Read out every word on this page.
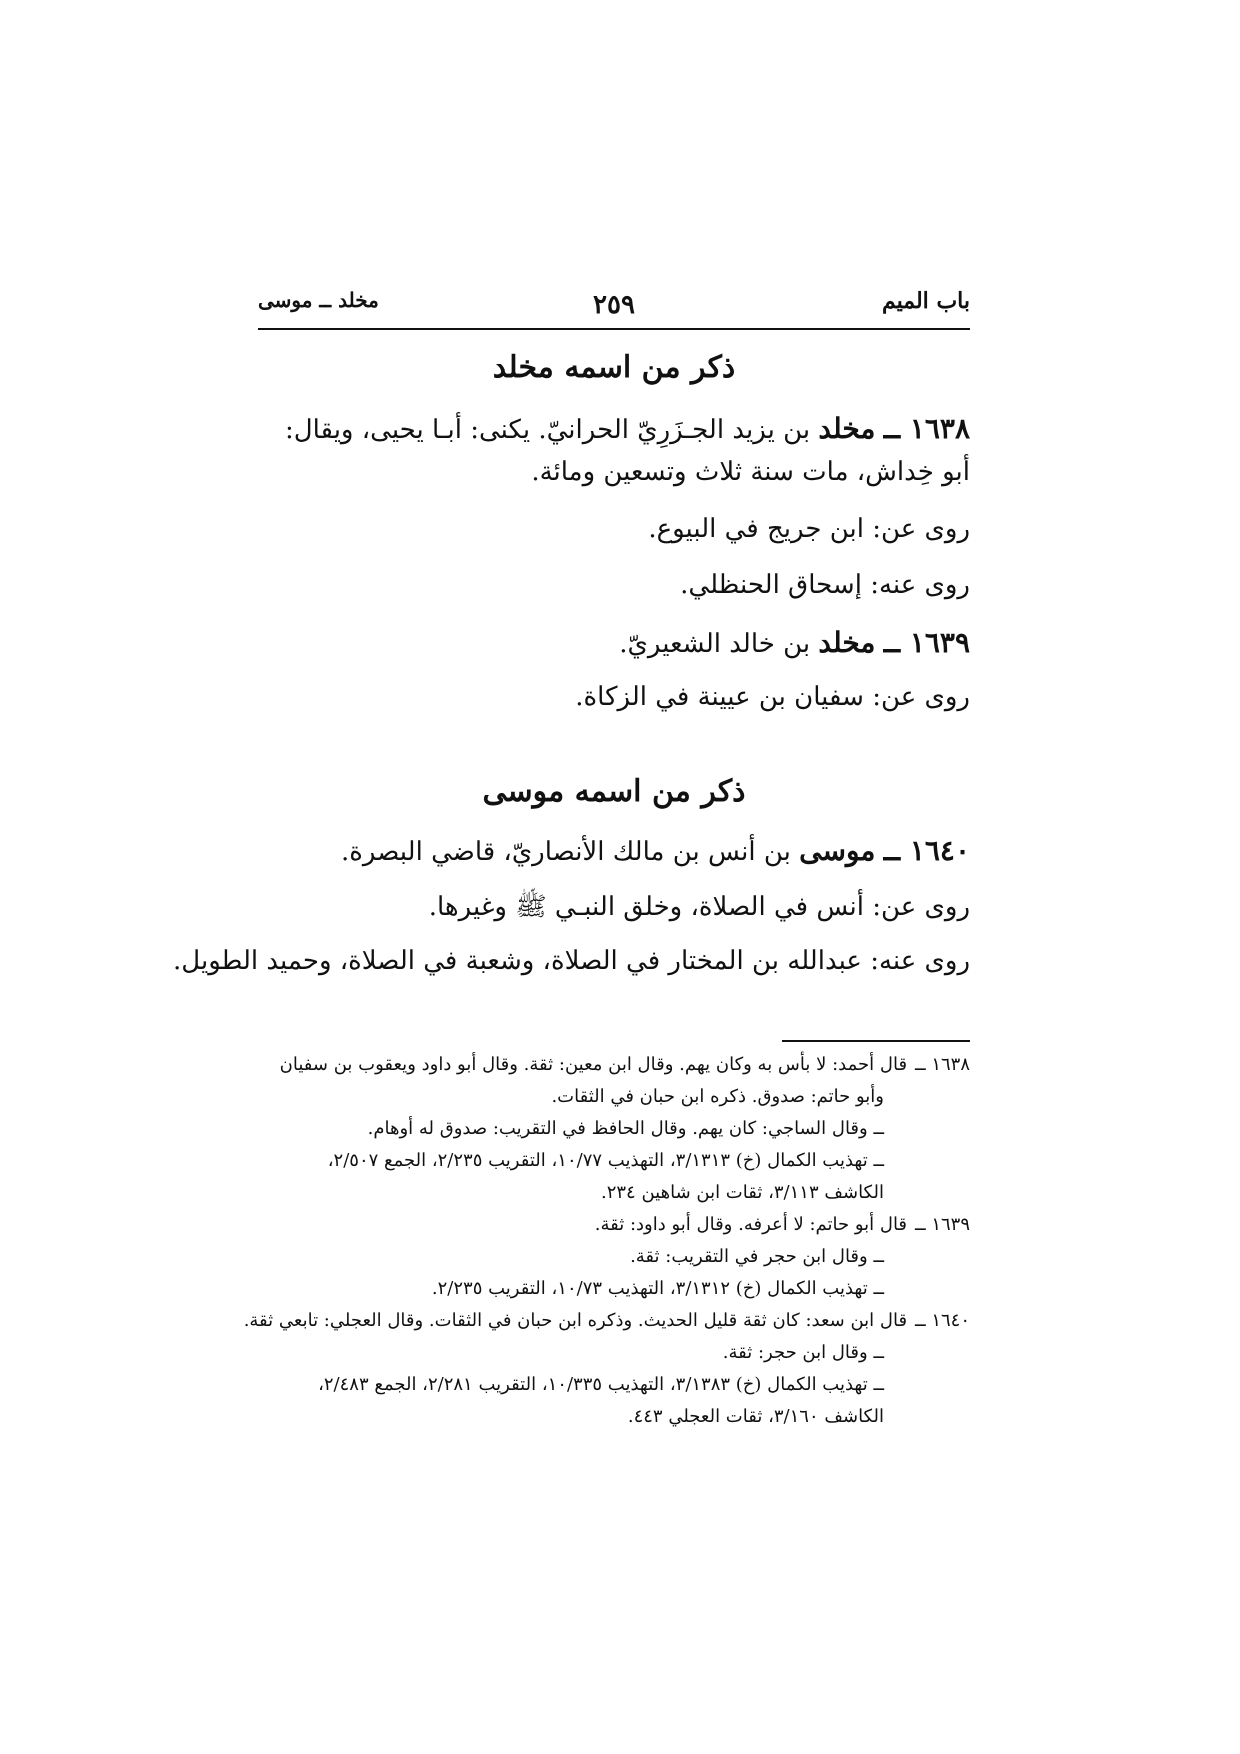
باب الميم
٢٥٩
مخلد ــ موسى
ذكر من اسمه مخلد
١٦٣٨ ــ مخلد بن يزيد الجـزَرِيّ الحرانيّ. يكنى: أبـا يحيى، ويقال:
أبو خِداش، مات سنة ثلاث وتسعين ومائة.
روى عن: ابن جريج في البيوع.
روى عنه: إسحاق الحنظلي.
١٦٣٩ ــ مخلد بن خالد الشعيريّ.
روى عن: سفيان بن عيينة في الزكاة.
ذكر من اسمه موسى
١٦٤٠ ــ موسى بن أنس بن مالك الأنصاريّ، قاضي البصرة.
روى عن: أنس في الصلاة، وخلق النبـي ﷺ وغيرها.
روى عنه: عبدالله بن المختار في الصلاة، وشعبة في الصلاة، وحميد الطويل.
١٦٣٨ ــقال أحمد: لا بأس به وكان يهم. وقال ابن معين: ثقة. وقال أبو داود ويعقوب بن سفيان
وأبو حاتم: صدوق. ذكره ابن حبان في الثقات.
ــ وقال الساجي: كان يهم. وقال الحافظ في التقريب: صدوق له أوهام.
ــ تهذيب الكمال (خ) ٣/١٣١٣، التهذيب ١٠/٧٧، التقريب ٢/٢٣٥، الجمع ٢/٥٠٧،
الكاشف ٣/١١٣، ثقات ابن شاهين ٢٣٤.
١٦٣٩ ــقال أبو حاتم: لا أعرفه. وقال أبو داود: ثقة.
ــ وقال ابن حجر في التقريب: ثقة.
ــ تهذيب الكمال (خ) ٣/١٣١٢، التهذيب ١٠/٧٣، التقريب ٢/٢٣٥.
١٦٤٠ ــقال ابن سعد: كان ثقة قليل الحديث. وذكره ابن حبان في الثقات. وقال العجلي: تابعي ثقة.
ــ وقال ابن حجر: ثقة.
ــ تهذيب الكمال (خ) ٣/١٣٨٣، التهذيب ١٠/٣٣٥، التقريب ٢/٢٨١، الجمع ٢/٤٨٣،
الكاشف ٣/١٦٠، ثقات العجلي ٤٤٣.
